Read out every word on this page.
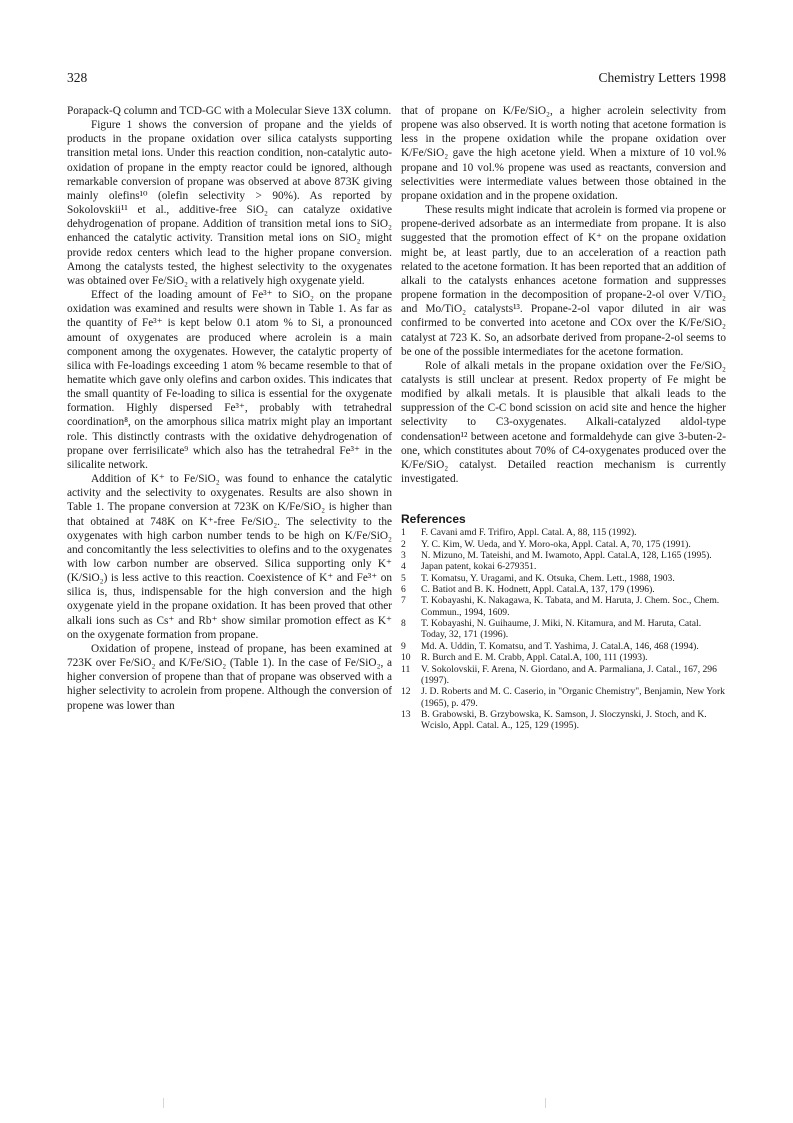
328	Chemistry Letters 1998

Porapack-Q column and TCD-GC with a Molecular Sieve 13X column.

Figure 1 shows the conversion of propane and the yields of products in the propane oxidation over silica catalysts supporting transition metal ions. Under this reaction condition, non-catalytic auto-oxidation of propane in the empty reactor could be ignored, although remarkable conversion of propane was observed at above 873K giving mainly olefins¹⁰ (olefin selectivity > 90%). As reported by Sokolovskii¹¹ et al., additive-free SiO₂ can catalyze oxidative dehydrogenation of propane. Addition of transition metal ions to SiO₂ enhanced the catalytic activity. Transition metal ions on SiO₂ might provide redox centers which lead to the higher propane conversion. Among the catalysts tested, the highest selectivity to the oxygenates was obtained over Fe/SiO₂ with a relatively high oxygenate yield.

Effect of the loading amount of Fe³⁺ to SiO₂ on the propane oxidation was examined and results were shown in Table 1. As far as the quantity of Fe³⁺ is kept below 0.1 atom % to Si, a pronounced amount of oxygenates are produced where acrolein is a main component among the oxygenates. However, the catalytic property of silica with Fe-loadings exceeding 1 atom % became resemble to that of hematite which gave only olefins and carbon oxides. This indicates that the small quantity of Fe-loading to silica is essential for the oxygenate formation. Highly dispersed Fe³⁺, probably with tetrahedral coordination⁸, on the amorphous silica matrix might play an important role. This distinctly contrasts with the oxidative dehydrogenation of propane over ferrisilicate⁹ which also has the tetrahedral Fe³⁺ in the silicalite network.

Addition of K⁺ to Fe/SiO₂ was found to enhance the catalytic activity and the selectivity to oxygenates. Results are also shown in Table 1. The propane conversion at 723K on K/Fe/SiO₂ is higher than that obtained at 748K on K⁺-free Fe/SiO₂. The selectivity to the oxygenates with high carbon number tends to be high on K/Fe/SiO₂ and concomitantly the less selectivities to olefins and to the oxygenates with low carbon number are observed. Silica supporting only K⁺ (K/SiO₂) is less active to this reaction. Coexistence of K⁺ and Fe³⁺ on silica is, thus, indispensable for the high conversion and the high oxygenate yield in the propane oxidation. It has been proved that other alkali ions such as Cs⁺ and Rb⁺ show similar promotion effect as K⁺ on the oxygenate formation from propane.

Oxidation of propene, instead of propane, has been examined at 723K over Fe/SiO₂ and K/Fe/SiO₂ (Table 1). In the case of Fe/SiO₂, a higher conversion of propene than that of propane was observed with a higher selectivity to acrolein from propene. Although the conversion of propene was lower than

that of propane on K/Fe/SiO₂, a higher acrolein selectivity from propene was also observed. It is worth noting that acetone formation is less in the propene oxidation while the propane oxidation over K/Fe/SiO₂ gave the high acetone yield. When a mixture of 10 vol.% propane and 10 vol.% propene was used as reactants, conversion and selectivities were intermediate values between those obtained in the propane oxidation and in the propene oxidation.

These results might indicate that acrolein is formed via propene or propene-derived adsorbate as an intermediate from propane. It is also suggested that the promotion effect of K⁺ on the propane oxidation might be, at least partly, due to an acceleration of a reaction path related to the acetone formation. It has been reported that an addition of alkali to the catalysts enhances acetone formation and suppresses propene formation in the decomposition of propane-2-ol over V/TiO₂ and Mo/TiO₂ catalysts¹³. Propane-2-ol vapor diluted in air was confirmed to be converted into acetone and COx over the K/Fe/SiO₂ catalyst at 723 K. So, an adsorbate derived from propane-2-ol seems to be one of the possible intermediates for the acetone formation.

Role of alkali metals in the propane oxidation over the Fe/SiO₂ catalysts is still unclear at present. Redox property of Fe might be modified by alkali metals. It is plausible that alkali leads to the suppression of the C-C bond scission on acid site and hence the higher selectivity to C3-oxygenates. Alkali-catalyzed aldol-type condensation¹² between acetone and formaldehyde can give 3-buten-2-one, which constitutes about 70% of C4-oxygenates produced over the K/Fe/SiO₂ catalyst. Detailed reaction mechanism is currently investigated.

References
1	F. Cavani amd F. Trifiro, Appl. Catal. A, 88, 115 (1992).
2	Y. C. Kim, W. Ueda, and Y. Moro-oka, Appl. Catal. A, 70, 175 (1991).
3	N. Mizuno, M. Tateishi, and M. Iwamoto, Appl. Catal.A, 128, L165 (1995).
4	Japan patent, kokai 6-279351.
5	T. Komatsu, Y. Uragami, and K. Otsuka, Chem. Lett., 1988, 1903.
6	C. Batiot and B. K. Hodnett, Appl. Catal.A, 137, 179 (1996).
7	T. Kobayashi, K. Nakagawa, K. Tabata, and M. Haruta, J. Chem. Soc., Chem. Commun., 1994, 1609.
8	T. Kobayashi, N. Guihaume, J. Miki, N. Kitamura, and M. Haruta, Catal. Today, 32, 171 (1996).
9	Md. A. Uddin, T. Komatsu, and T. Yashima, J. Catal.A, 146, 468 (1994).
10	R. Burch and E. M. Crabb, Appl. Catal.A, 100, 111 (1993).
11	V. Sokolovskii, F. Arena, N. Giordano, and A. Parmaliana, J. Catal., 167, 296 (1997).
12	J. D. Roberts and M. C. Caserio, in "Organic Chemistry", Benjamin, New York (1965), p. 479.
13	B. Grabowski, B. Grzybowska, K. Samson, J. Sloczynski, J. Stoch, and K. Wcislo, Appl. Catal. A., 125, 129 (1995).
